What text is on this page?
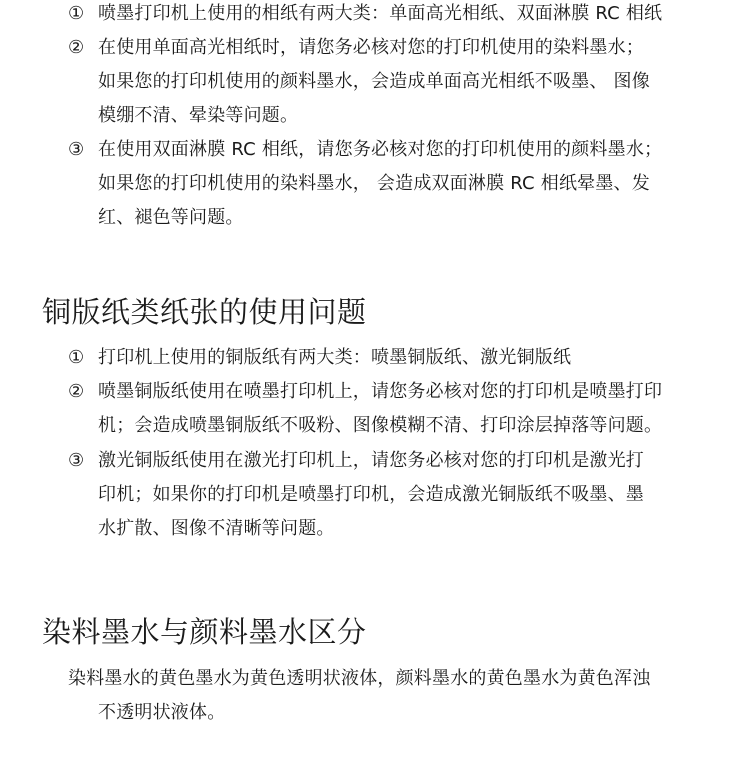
① 喷墨打印机上使用的相纸有两大类：单面高光相纸、双面淋膜 RC 相纸
② 在使用单面高光相纸时，请您务必核对您的打印机使用的染料墨水；
如果您的打印机使用的颜料墨水，会造成单面高光相纸不吸墨、 图像
模绷不清、晕染等问题。
③ 在使用双面淋膜 RC 相纸，请您务必核对您的打印机使用的颜料墨水；
如果您的打印机使用的染料墨水， 会造成双面淋膜 RC 相纸晕墨、发
红、褪色等问题。
铜版纸类纸张的使用问题
① 打印机上使用的铜版纸有两大类：喷墨铜版纸、激光铜版纸
② 喷墨铜版纸使用在喷墨打印机上，请您务必核对您的打印机是喷墨打印
机；会造成喷墨铜版纸不吸粉、图像模糊不清、打印涂层掉落等问题。
③ 激光铜版纸使用在激光打印机上，请您务必核对您的打印机是激光打
印机；如果你的打印机是喷墨打印机，会造成激光铜版纸不吸墨、墨
水扩散、图像不清晰等问题。
染料墨水与颜料墨水区分
染料墨水的黄色墨水为黄色透明状液体，颜料墨水的黄色墨水为黄色浑浊
不透明状液体。
